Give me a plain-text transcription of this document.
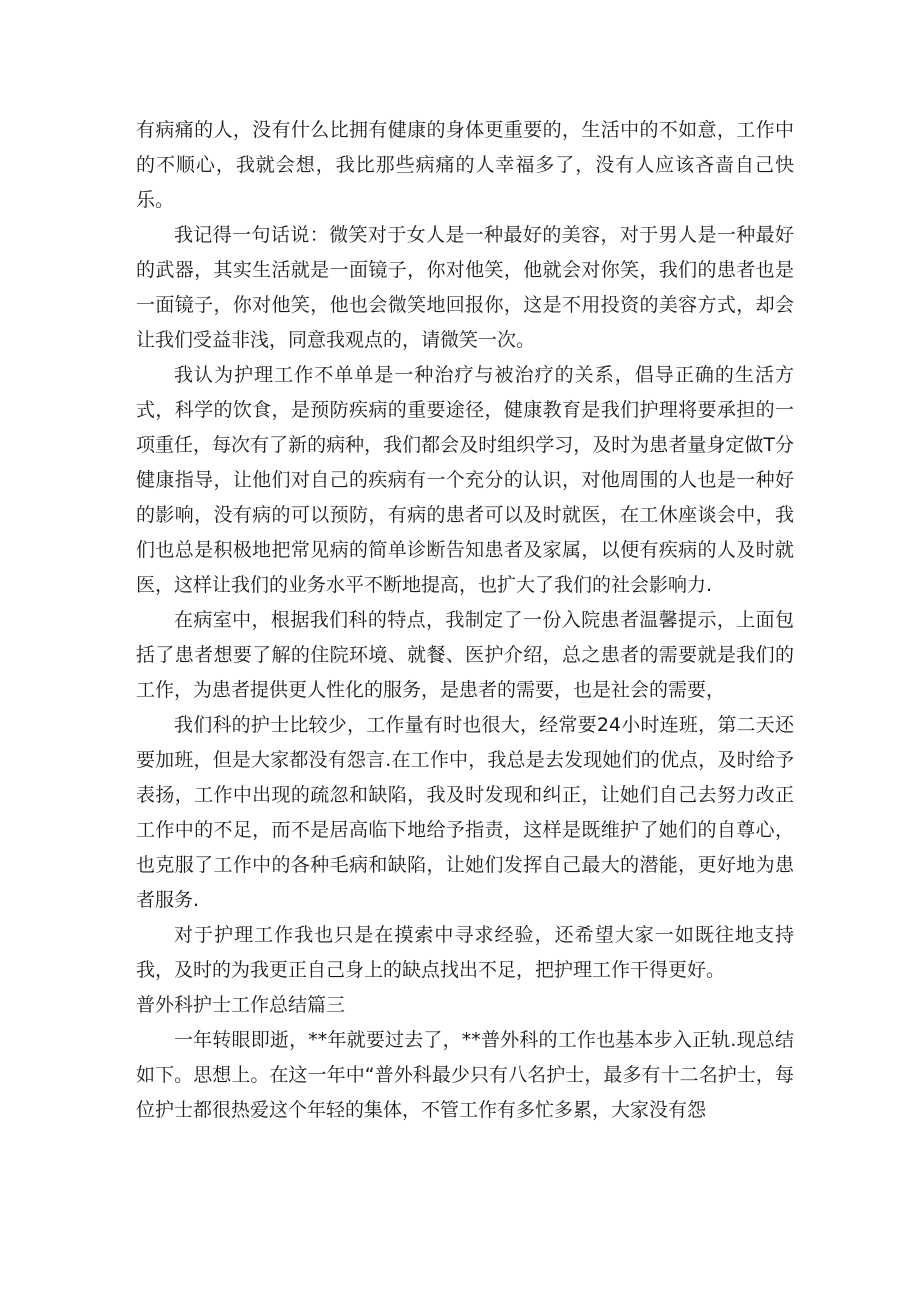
有病痛的人，没有什么比拥有健康的身体更重要的，生活中的不如意，工作中的不顺心，我就会想，我比那些病痛的人幸福多了，没有人应该吝啬自己快乐。

我记得一句话说：微笑对于女人是一种最好的美容，对于男人是一种最好的武器，其实生活就是一面镜子，你对他笑，他就会对你笑，我们的患者也是一面镜子，你对他笑，他也会微笑地回报你，这是不用投资的美容方式，却会让我们受益非浅，同意我观点的，请微笑一次。

我认为护理工作不单单是一种治疗与被治疗的关系，倡导正确的生活方式，科学的饮食，是预防疾病的重要途径，健康教育是我们护理将要承担的一项重任，每次有了新的病种，我们都会及时组织学习，及时为患者量身定做T分健康指导，让他们对自己的疾病有一个充分的认识，对他周围的人也是一种好的影响，没有病的可以预防，有病的患者可以及时就医，在工休座谈会中，我们也总是积极地把常见病的简单诊断告知患者及家属，以便有疾病的人及时就医，这样让我们的业务水平不断地提高，也扩大了我们的社会影响力.

在病室中，根据我们科的特点，我制定了一份入院患者温馨提示，上面包括了患者想要了解的住院环境、就餐、医护介绍，总之患者的需要就是我们的工作，为患者提供更人性化的服务，是患者的需要，也是社会的需要，

我们科的护士比较少，工作量有时也很大，经常要24小时连班，第二天还要加班，但是大家都没有怨言.在工作中，我总是去发现她们的优点，及时给予表扬，工作中出现的疏忽和缺陷，我及时发现和纠正，让她们自己去努力改正工作中的不足，而不是居高临下地给予指责，这样是既维护了她们的自尊心，也克服了工作中的各种毛病和缺陷，让她们发挥自己最大的潜能，更好地为患者服务.

对于护理工作我也只是在摸索中寻求经验，还希望大家一如既往地支持我，及时的为我更正自己身上的缺点找出不足，把护理工作干得更好。

普外科护士工作总结篇三

一年转眼即逝，**年就要过去了，**普外科的工作也基本步入正轨.现总结如下。思想上。在这一年中“普外科最少只有八名护士，最多有十二名护士，每位护士都很热爱这个年轻的集体，不管工作有多忙多累，大家没有怨
